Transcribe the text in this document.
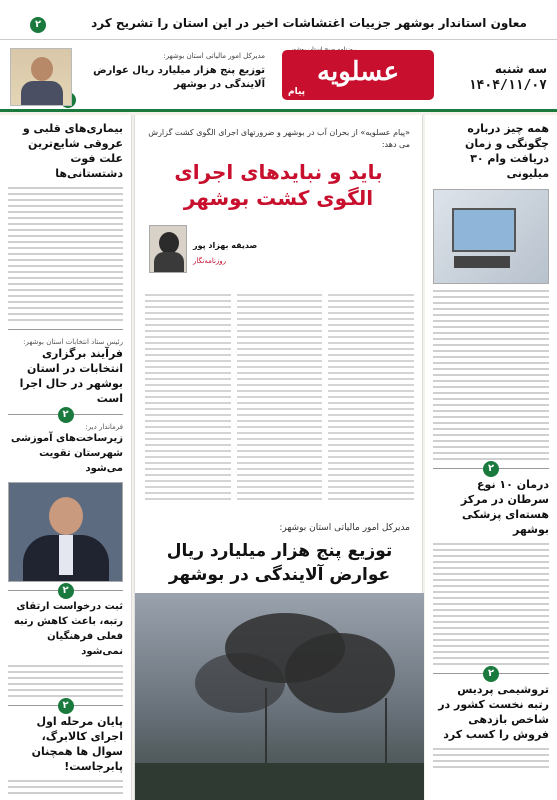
معاون استاندار بوشهر جزییات اغتشاشات اخیر در این استان را تشریح کرد
۲
سه شنبه
۱۴۰۴/۱۱/۰۷
عسلویه
پیام
مدیرکل امور مالیاتی استان بوشهر:
توزیع پنج هزار میلیارد ریال عوارض آلایندگی در بوشهر
همه چیز درباره چگونگی و زمان دریافت وام ۳۰ میلیونی
۲
درمان ۱۰ نوع سرطان در مرکز هسته‌ای پزشکی بوشهر
۲
تروشیمی پردیس رتبه نخست کشور در شاخص بازدهی فروش را کسب کرد
بیماری‌های قلبی و عروقی شایع‌ترین علت فوت دشتستانی‌ها
رئیس ستاد انتخابات استان بوشهر:
فرآیند برگزاری انتخابات در استان بوشهر در حال اجرا است
۲
فرماندار دیر:
زیرساخت‌های آموزشی شهرستان تقویت می‌شود
۲
ثبت درخواست ارتقای رتبه، باعث کاهش رتبه فعلی فرهنگیان نمی‌شود
۲
پایان مرحله اول اجرای کالابرگ، سوال ها همچنان پابرجاست!
«پیام عسلویه» از بحران آب در بوشهر و ضرورتهای اجرای الگوی کشت گزارش می دهد:
باید و نبایدهای اجرای الگوی کشت بوشهر
صدیقه بهزاد پور
روزنامه‌نگار
مدیرکل امور مالیاتی استان بوشهر:
توزیع پنج هزار میلیارد ریال عوارض آلایندگی در بوشهر
